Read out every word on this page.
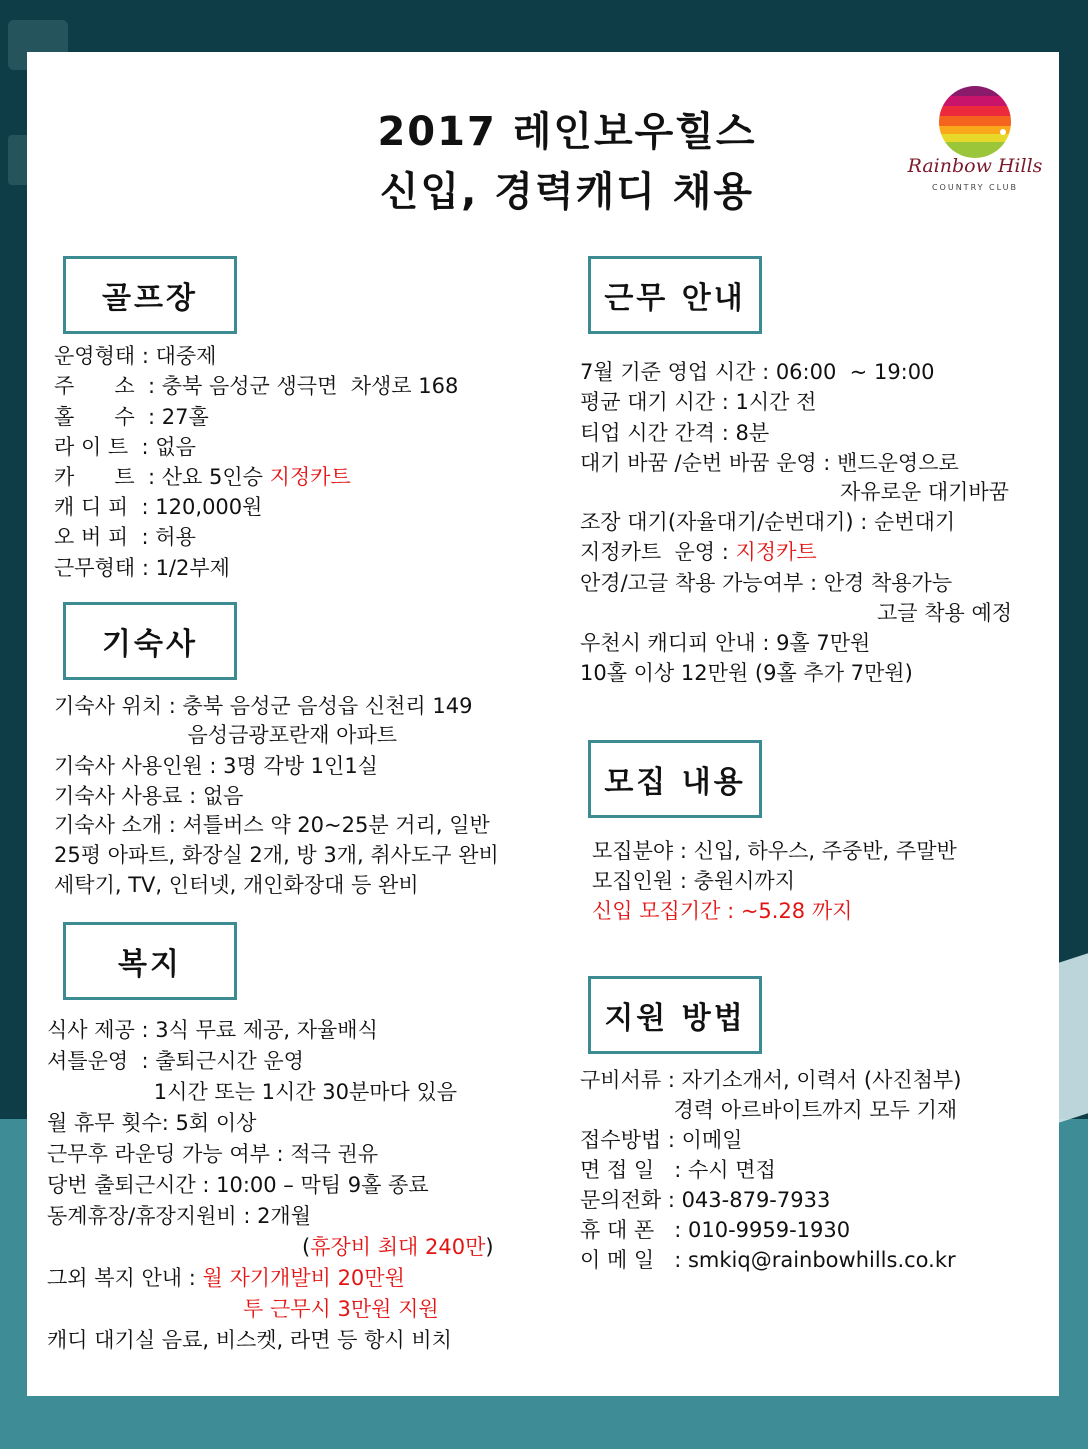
2017 레인보우힐스
신입, 경력캐디 채용
Rainbow Hills
COUNTRY CLUB
골프장
운영형태 : 대중제
주      소  : 충북 음성군 생극면  차생로 168
홀      수  : 27홀
라 이 트  : 없음
카      트  : 산요 5인승 지정카트
캐 디 피  : 120,000원
오 버 피  : 허용
근무형태 : 1/2부제
기숙사
기숙사 위치 : 충북 음성군 음성읍 신천리 149
음성금광포란재 아파트
기숙사 사용인원 : 3명 각방 1인1실
기숙사 사용료 : 없음
기숙사 소개 : 셔틀버스 약 20~25분 거리, 일반
25평 아파트, 화장실 2개, 방 3개, 취사도구 완비
세탁기, TV, 인터넷, 개인화장대 등 완비
복지
식사 제공 : 3식 무료 제공, 자율배식
셔틀운영  : 출퇴근시간 운영
1시간 또는 1시간 30분마다 있음
월 휴무 횟수: 5회 이상
근무후 라운딩 가능 여부 : 적극 권유
당번 출퇴근시간 : 10:00 – 막팀 9홀 종료
동계휴장/휴장지원비 : 2개월
(휴장비 최대 240만)
그외 복지 안내 : 월 자기개발비 20만원
투 근무시 3만원 지원
캐디 대기실 음료, 비스켓, 라면 등 항시 비치
근무 안내
7월 기준 영업 시간 : 06:00  ~ 19:00
평균 대기 시간 : 1시간 전
티업 시간 간격 : 8분
대기 바꿈 /순번 바꿈 운영 : 밴드운영으로
자유로운 대기바꿈
조장 대기(자율대기/순번대기) : 순번대기
지정카트  운영 : 지정카트
안경/고글 착용 가능여부 : 안경 착용가능
고글 착용 예정
우천시 캐디피 안내 : 9홀 7만원
10홀 이상 12만원 (9홀 추가 7만원)
모집 내용
모집분야 : 신입, 하우스, 주중반, 주말반
모집인원 : 충원시까지
신입 모집기간 : ~5.28 까지
지원 방법
구비서류 : 자기소개서, 이력서 (사진첨부)
경력 아르바이트까지 모두 기재
접수방법 : 이메일
면 접 일   : 수시 면접
문의전화 : 043-879-7933
휴 대 폰   : 010-9959-1930
이 메 일   : smkiq@rainbowhills.co.kr
